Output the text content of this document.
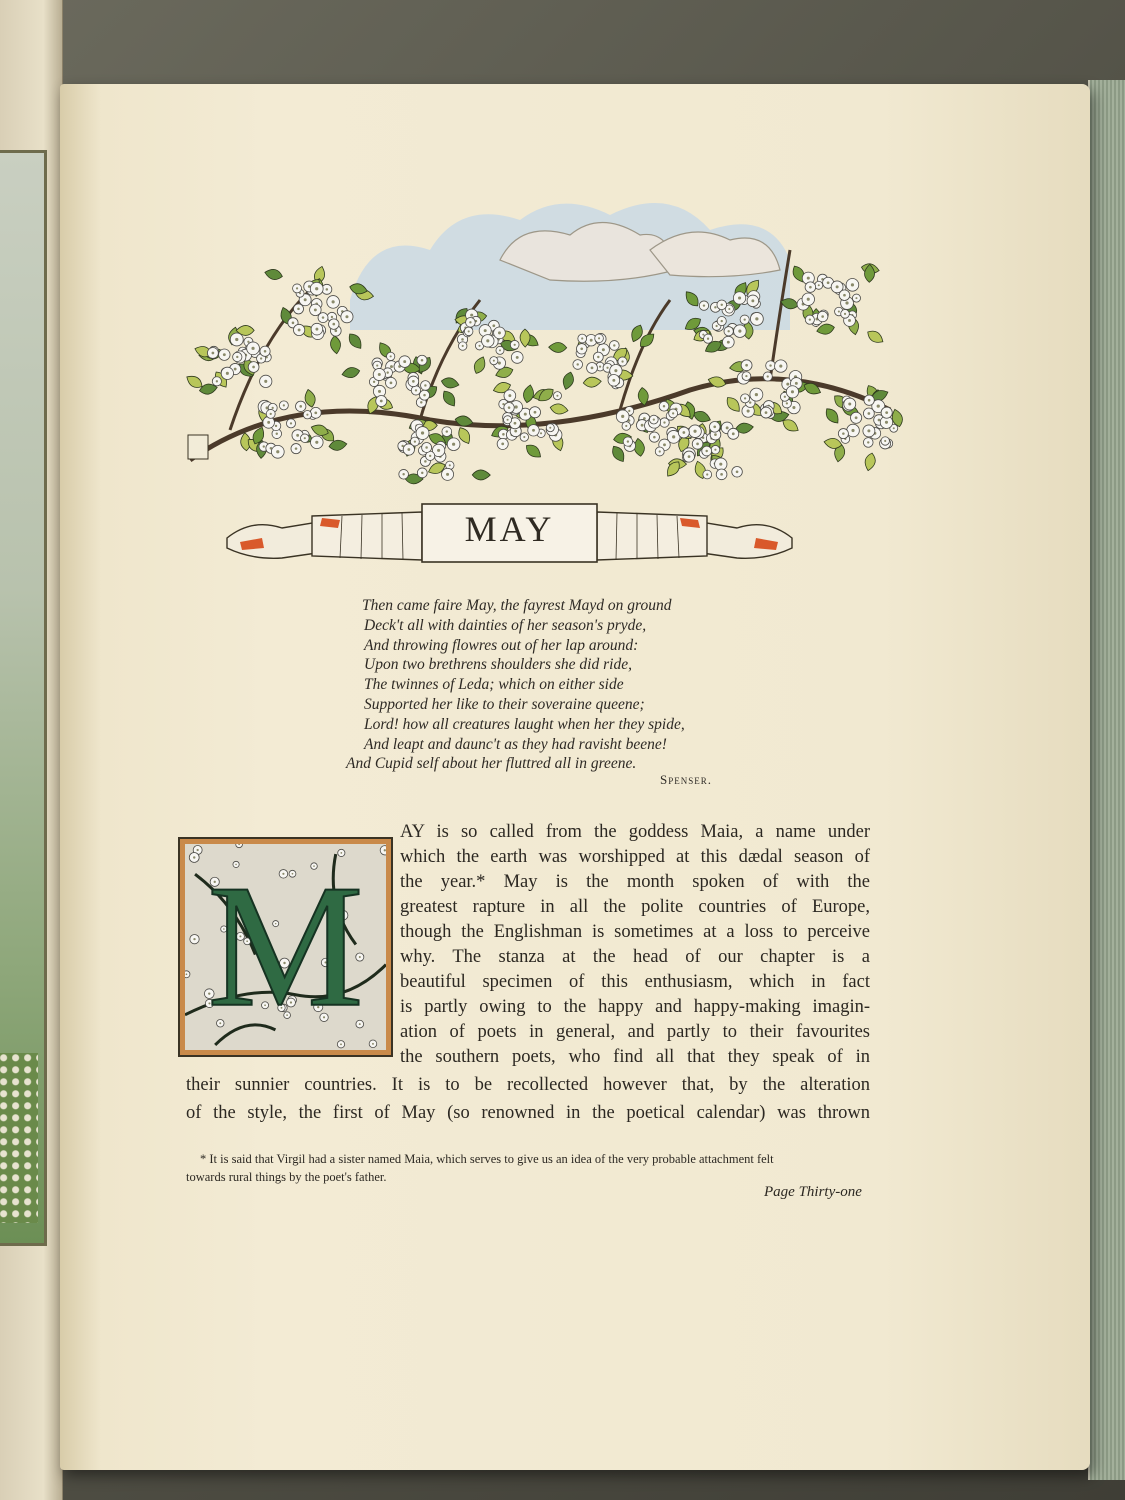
MAY
Then came faire May, the fayrest Mayd on ground
Deck't all with dainties of her season's pryde,
And throwing flowres out of her lap around:
Upon two brethrens shoulders she did ride,
The twinnes of Leda; which on either side
Supported her like to their soveraine queene;
Lord! how all creatures laught when her they spide,
And leapt and daunc't as they had ravisht beene!
And Cupid self about her fluttred all in greene.
Spenser.
M
AY is so called from the goddess Maia, a name under
which the earth was worshipped at this dædal season of
the year.* May is the month spoken of with the
greatest rapture in all the polite countries of Europe,
though the Englishman is sometimes at a loss to perceive
why. The stanza at the head of our chapter is a
beautiful specimen of this enthusiasm, which in fact
is partly owing to the happy and happy-making imagin-
ation of poets in general, and partly to their favourites
the southern poets, who find all that they speak of in
their sunnier countries. It is to be recollected however that, by the alteration
of the style, the first of May (so renowned in the poetical calendar) was thrown
* It is said that Virgil had a sister named Maia, which serves to give us an idea of the very probable attachment felt
towards rural things by the poet's father.
Page Thirty-one
